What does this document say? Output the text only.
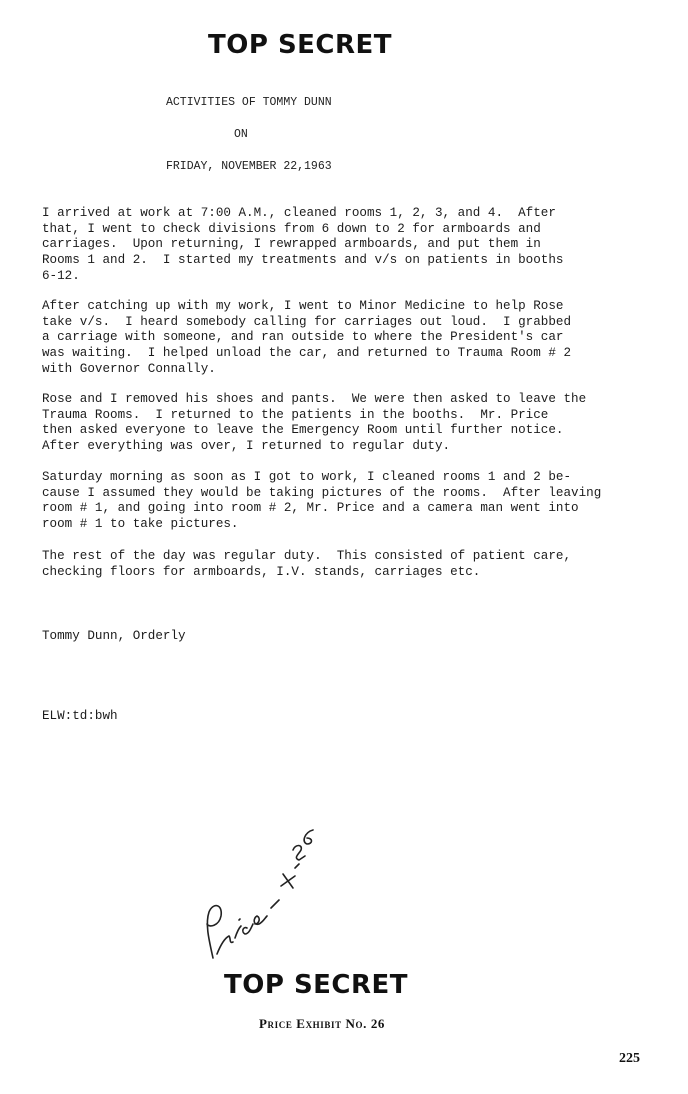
TOP SECRET
ACTIVITIES OF TOMMY DUNN
ON
FRIDAY, NOVEMBER 22,1963
I arrived at work at 7:00 A.M., cleaned rooms 1, 2, 3, and 4.  After
that, I went to check divisions from 6 down to 2 for armboards and
carriages.  Upon returning, I rewrapped armboards, and put them in
Rooms 1 and 2.  I started my treatments and v/s on patients in booths
6-12.
After catching up with my work, I went to Minor Medicine to help Rose
take v/s.  I heard somebody calling for carriages out loud.  I grabbed
a carriage with someone, and ran outside to where the President's car
was waiting.  I helped unload the car, and returned to Trauma Room # 2
with Governor Connally.
Rose and I removed his shoes and pants.  We were then asked to leave the
Trauma Rooms.  I returned to the patients in the booths.  Mr. Price
then asked everyone to leave the Emergency Room until further notice.
After everything was over, I returned to regular duty.
Saturday morning as soon as I got to work, I cleaned rooms 1 and 2 be-
cause I assumed they would be taking pictures of the rooms.  After leaving
room # 1, and going into room # 2, Mr. Price and a camera man went into
room # 1 to take pictures.
The rest of the day was regular duty.  This consisted of patient care,
checking floors for armboards, I.V. stands, carriages etc.
Tommy Dunn, Orderly
ELW:td:bwh
TOP SECRET
Price Exhibit No. 26
225
